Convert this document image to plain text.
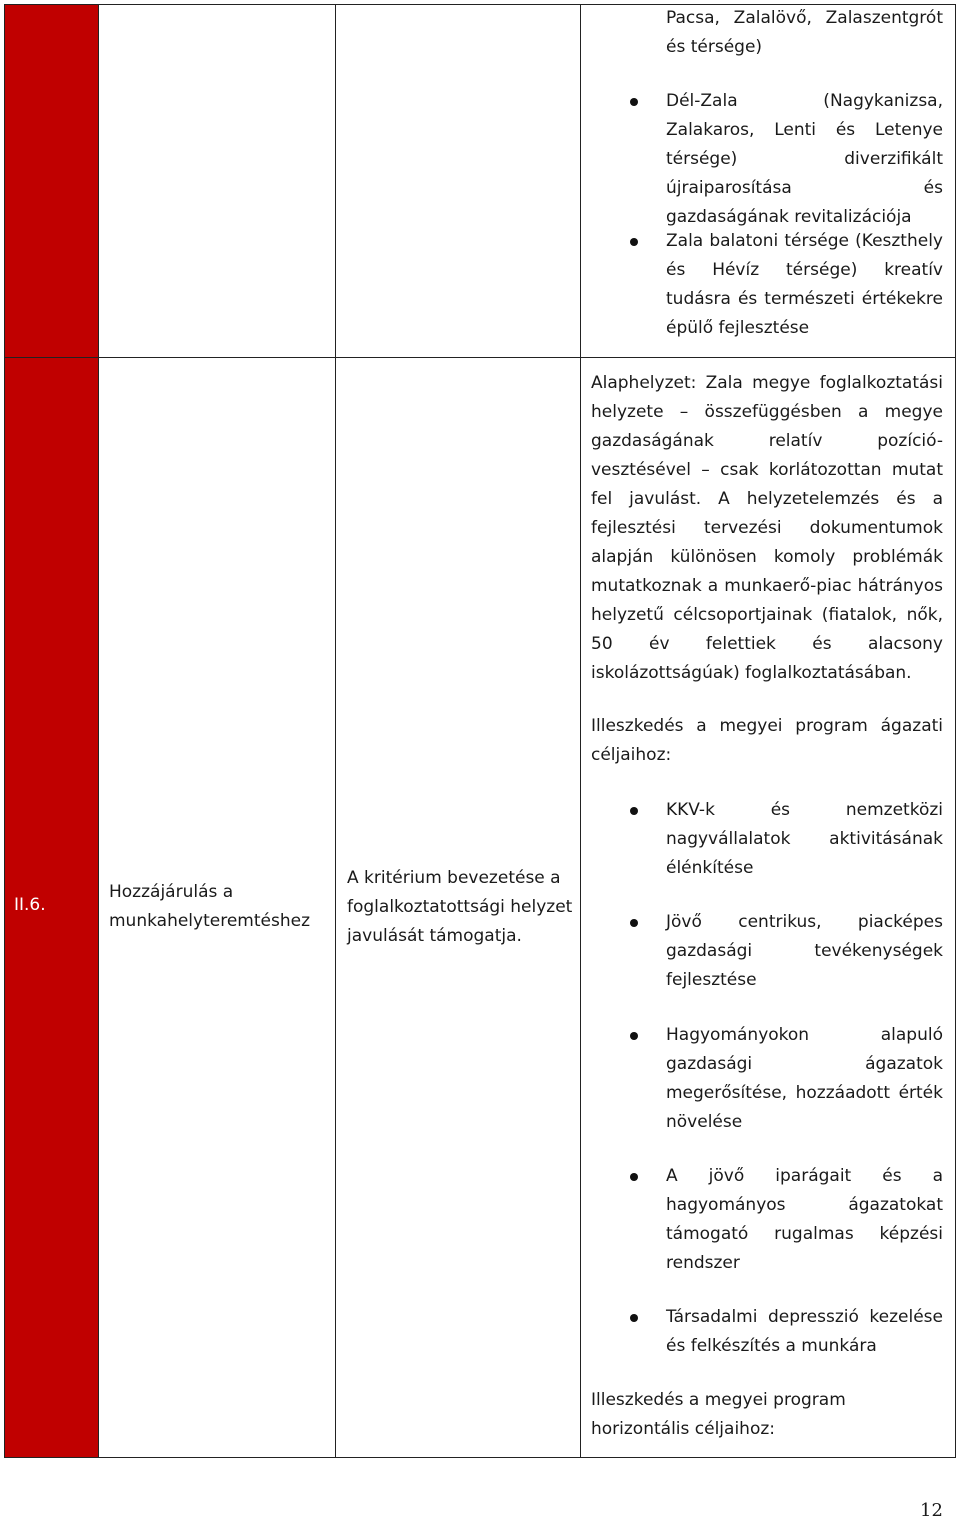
Pacsa, Zalalövő, Zalaszentgrót és térsége)
Dél-Zala (Nagykanizsa, Zalakaros, Lenti és Letenye térsége) diverzifikált újraiparosítása és gazdaságának revitalizációja
Zala balatoni térsége (Keszthely és Hévíz térsége) kreatív tudásra és természeti értékekre épülő fejlesztése
II.6.
Hozzájárulás a munkahelyteremtéshez
A kritérium bevezetése a foglalkoztatottsági helyzet javulását támogatja.
Alaphelyzet: Zala megye foglalkoztatási helyzete – összefüggésben a megye gazdaságának relatív pozíció-vesztésével – csak korlátozottan mutat fel javulást. A helyzetelemzés és a fejlesztési tervezési dokumentumok alapján különösen komoly problémák mutatkoznak a munkaerő-piac hátrányos helyzetű célcsoportjainak (fiatalok, nők, 50 év felettiek és alacsony iskolázottságúak) foglalkoztatásában.
Illeszkedés a megyei program ágazati céljaihoz:
KKV-k és nemzetközi nagyvállalatok aktivitásának élénkítése
Jövő centrikus, piacképes gazdasági tevékenységek fejlesztése
Hagyományokon alapuló gazdasági ágazatok megerősítése, hozzáadott érték növelése
A jövő iparágait és a hagyományos ágazatokat támogató rugalmas képzési rendszer
Társadalmi depresszió kezelése és felkészítés a munkára
Illeszkedés a megyei program horizontális céljaihoz:
12
